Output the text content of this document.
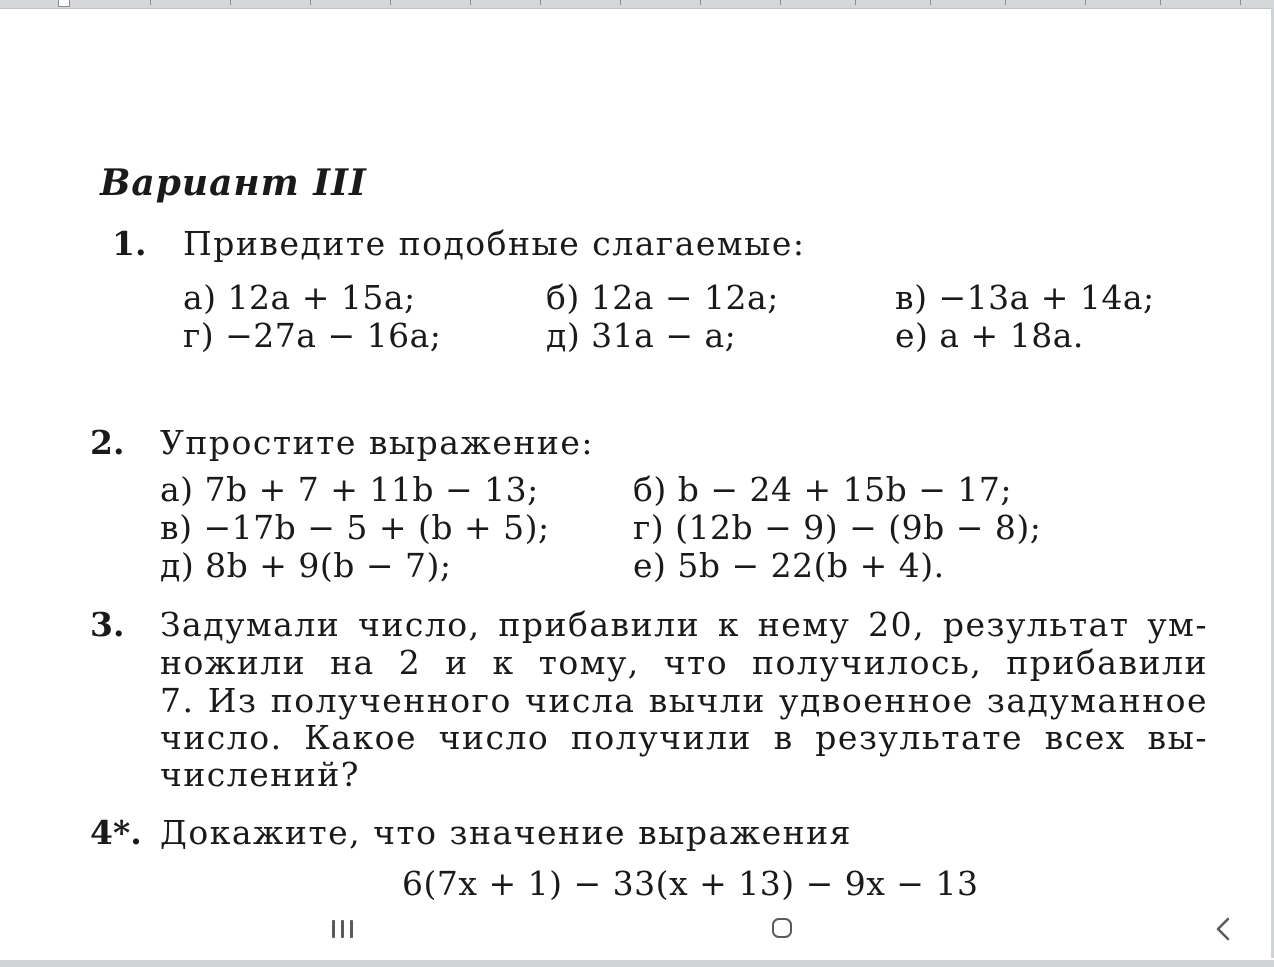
Вариант III
1. Приведите подобные слагаемые:
а) 12a + 15a;	б) 12a − 12a;	в) −13a + 14a;
г) −27a − 16a;	д) 31a − a;	е) a + 18a.
2. Упростите выражение:
а) 7b + 7 + 11b − 13;	б) b − 24 + 15b − 17;
в) −17b − 5 + (b + 5);	г) (12b − 9) − (9b − 8);
д) 8b + 9(b − 7);	е) 5b − 22(b + 4).
3. Задумали число, прибавили к нему 20, результат ум-
ножили на 2 и к тому, что получилось, прибавили
7. Из полученного числа вычли удвоенное задуманное
число. Какое число получили в результате всех вы-
числений?
4*. Докажите, что значение выражения
6(7x + 1) − 33(x + 13) − 9x − 13
